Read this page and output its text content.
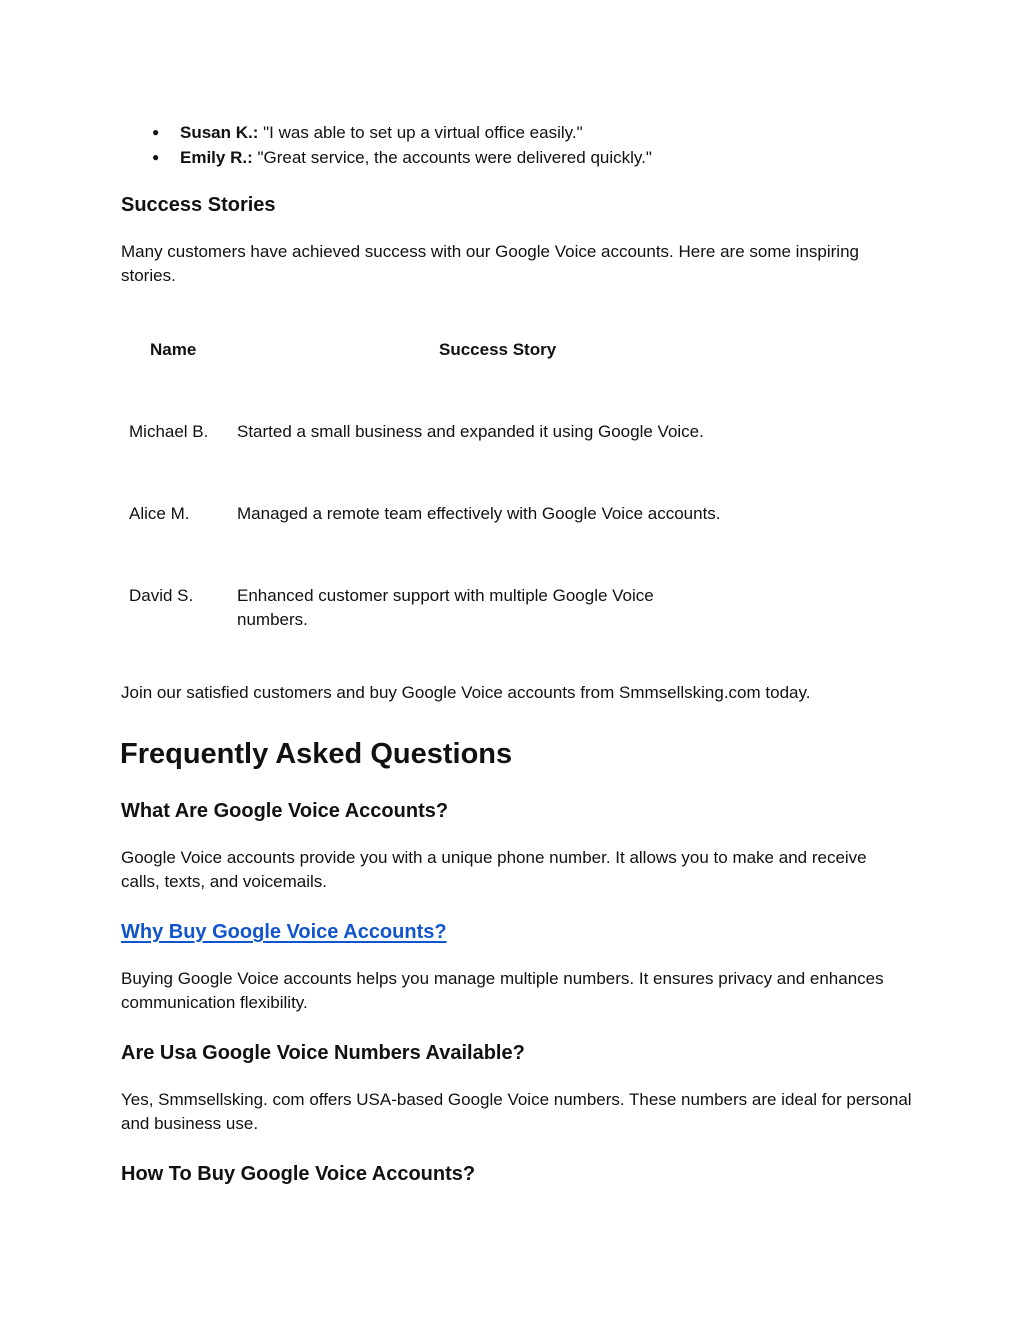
● Susan K.: "I was able to set up a virtual office easily."
● Emily R.: "Great service, the accounts were delivered quickly."
Success Stories

Many customers have achieved success with our Google Voice accounts. Here are some inspiring stories.

Name	Success Story
Michael B. Started a small business and expanded it using Google Voice.
Alice M.	Managed a remote team effectively with Google Voice accounts.
David S.	Enhanced customer support with multiple Google Voice numbers.

Join our satisfied customers and buy Google Voice accounts from Smmsellsking.com today.

Frequently Asked Questions
What Are Google Voice Accounts?

Google Voice accounts provide you with a unique phone number. It allows you to make and receive calls, texts, and voicemails.

Why Buy Google Voice Accounts?

Buying Google Voice accounts helps you manage multiple numbers. It ensures privacy and enhances communication flexibility.

Are Usa Google Voice Numbers Available?

Yes, Smmsellsking. com offers USA-based Google Voice numbers. These numbers are ideal for personal and business use.

How To Buy Google Voice Accounts?
